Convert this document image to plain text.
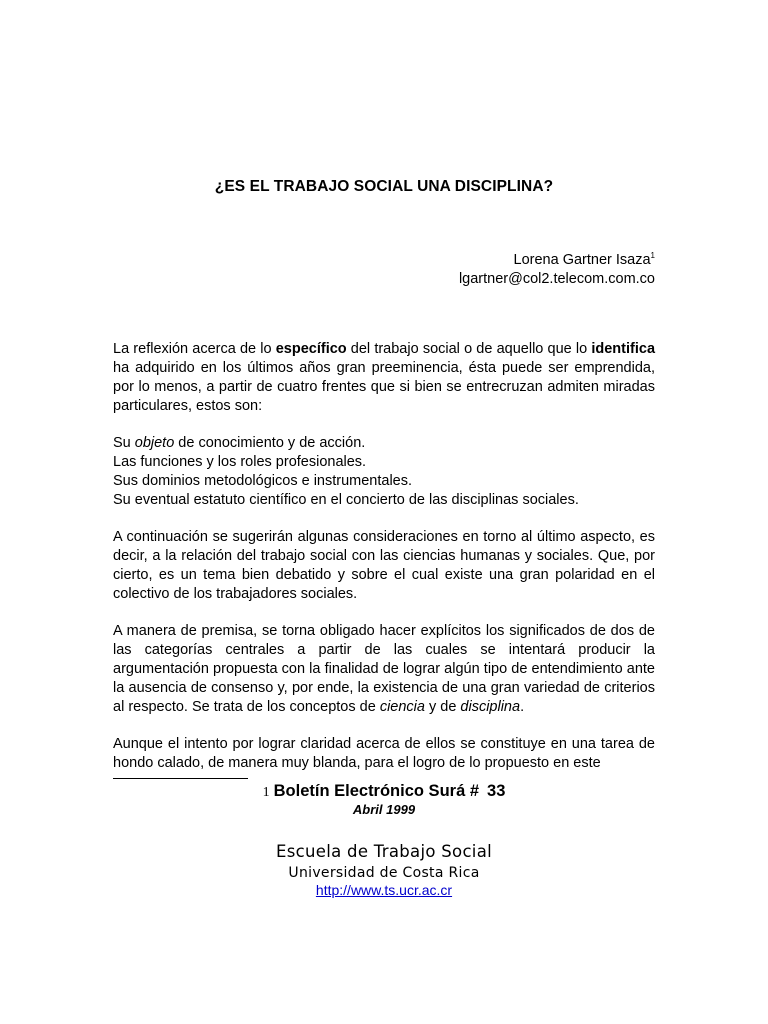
¿ES EL TRABAJO SOCIAL UNA DISCIPLINA?
Lorena Gartner Isaza$^1$
lgartner@col2.telecom.com.co

La reflexión acerca de lo específico del trabajo social o de aquello que lo identifica ha adquirido en los últimos años gran preeminencia, ésta puede ser emprendida, por lo menos, a partir de cuatro frentes que si bien se entrecruzan admiten miradas particulares, estos son:

Su objeto de conocimiento y de acción.
Las funciones y los roles profesionales.
Sus dominios metodológicos e instrumentales.
Su eventual estatuto científico en el concierto de las disciplinas sociales.

A continuación se sugerirán algunas consideraciones en torno al último aspecto, es decir, a la relación del trabajo social con las ciencias humanas y sociales. Que, por cierto, es un tema bien debatido y sobre el cual existe una gran polaridad en el colectivo de los trabajadores sociales.

A manera de premisa, se torna obligado hacer explícitos los significados de dos de las categorías centrales a partir de las cuales se intentará producir la argumentación propuesta con la finalidad de lograr algún tipo de entendimiento ante la ausencia de consenso y, por ende, la existencia de una gran variedad de criterios al respecto. Se trata de los conceptos de ciencia y de disciplina.

Aunque el intento por lograr claridad acerca de ellos se constituye en una tarea de hondo calado, de manera muy blanda, para el logro de lo propuesto en este

1 Boletín Electrónico Surá # 33
Abril 1999
Escuela de Trabajo Social
Universidad de Costa Rica
http://www.ts.ucr.ac.cr
